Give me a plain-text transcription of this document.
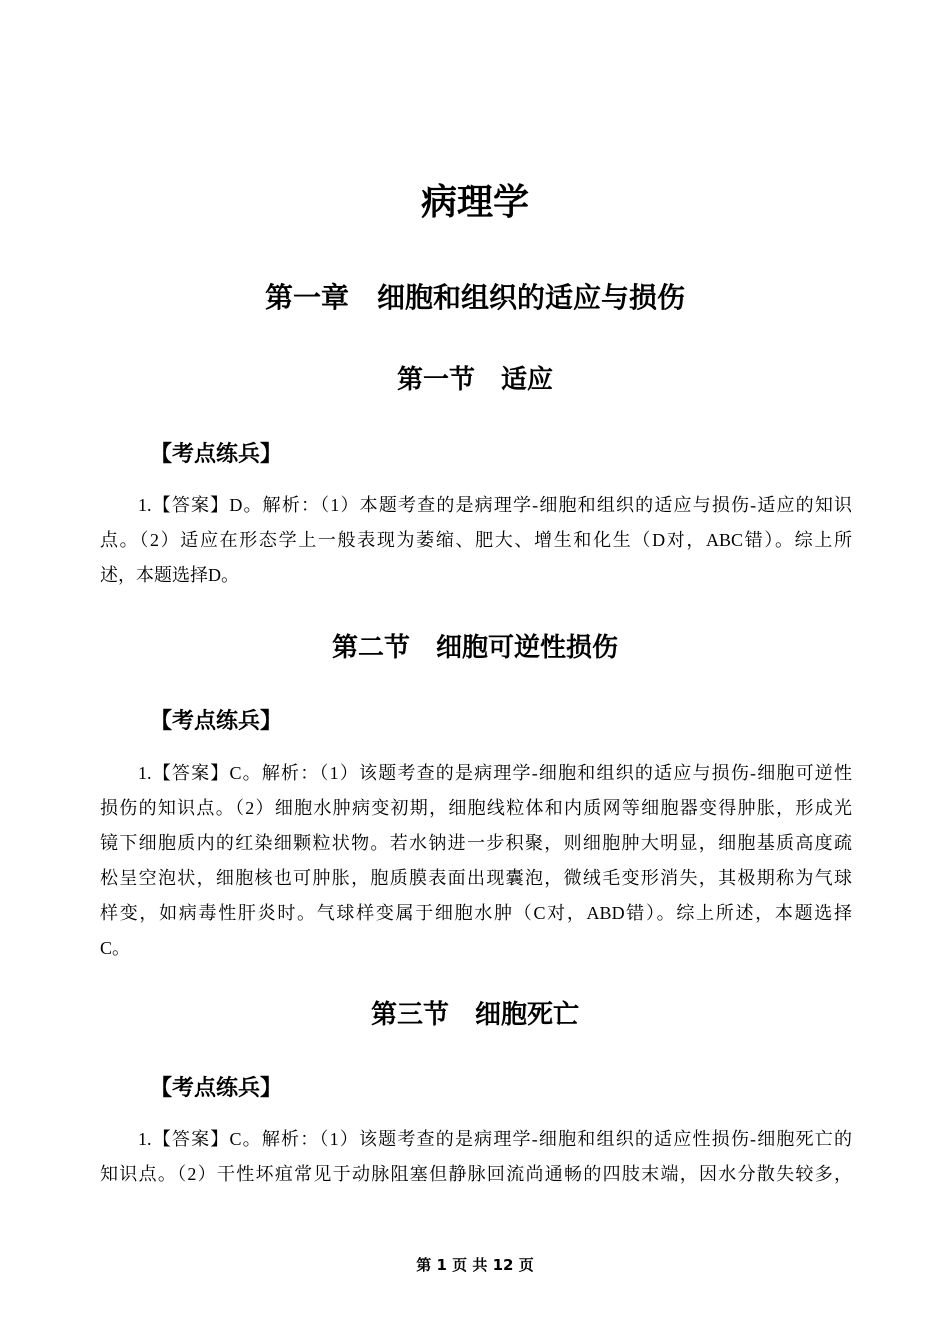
病理学
第一章　细胞和组织的适应与损伤
第一节　适应
【考点练兵】
1.【答案】D。解析：（1）本题考查的是病理学-细胞和组织的适应与损伤-适应的知识
点。（2）适应在形态学上一般表现为萎缩、肥大、增生和化生（D对，ABC错）。综上所
述，本题选择D。
第二节　细胞可逆性损伤
【考点练兵】
1.【答案】C。解析：（1）该题考查的是病理学-细胞和组织的适应与损伤-细胞可逆性
损伤的知识点。（2）细胞水肿病变初期，细胞线粒体和内质网等细胞器变得肿胀，形成光
镜下细胞质内的红染细颗粒状物。若水钠进一步积聚，则细胞肿大明显，细胞基质高度疏
松呈空泡状，细胞核也可肿胀，胞质膜表面出现囊泡，微绒毛变形消失，其极期称为气球
样变，如病毒性肝炎时。气球样变属于细胞水肿（C对，ABD错）。综上所述，本题选择
C。
第三节　细胞死亡
【考点练兵】
1.【答案】C。解析：（1）该题考查的是病理学-细胞和组织的适应性损伤-细胞死亡的
知识点。（2）干性坏疽常见于动脉阻塞但静脉回流尚通畅的四肢末端，因水分散失较多，
第 1 页 共 12 页
